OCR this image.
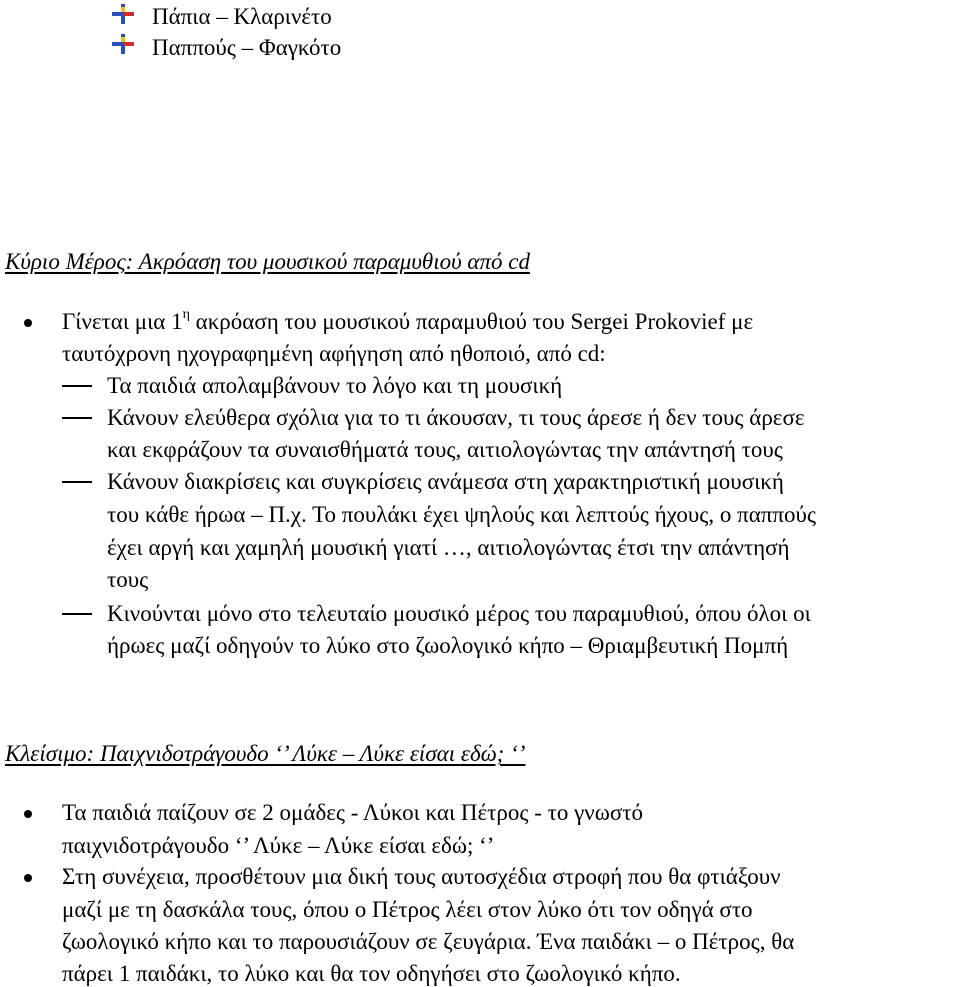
Πάπια – Κλαρινέτο
Παππούς – Φαγκότο
Κύριο Μέρος: Ακρόαση του μουσικού παραμυθιού από cd
Γίνεται μια $1^\eta$ ακρόαση του μουσικού παραμυθιού του Sergei Prokovief με
ταυτόχρονη ηχογραφημένη αφήγηση από ηθοποιό, από cd:
Τα παιδιά απολαμβάνουν το λόγο και τη μουσική
Κάνουν ελεύθερα σχόλια για το τι άκουσαν, τι τους άρεσε ή δεν τους άρεσε
και εκφράζουν τα συναισθήματά τους, αιτιολογώντας την απάντησή τους
Κάνουν διακρίσεις και συγκρίσεις ανάμεσα στη χαρακτηριστική μουσική
του κάθε ήρωα – Π.χ. Το πουλάκι έχει ψηλούς και λεπτούς ήχους, ο παππούς
έχει αργή και χαμηλή μουσική γιατί …, αιτιολογώντας έτσι την απάντησή
τους
Κινούνται μόνο στο τελευταίο μουσικό μέρος του παραμυθιού, όπου όλοι οι
ήρωες μαζί οδηγούν το λύκο στο ζωολογικό κήπο – Θριαμβευτική Πομπή
Κλείσιμο: Παιχνιδοτράγουδο ‘’ Λύκε – Λύκε είσαι εδώ; ‘’
Τα παιδιά παίζουν σε 2 ομάδες - Λύκοι και Πέτρος - το γνωστό
παιχνιδοτράγουδο ‘’ Λύκε – Λύκε είσαι εδώ; ‘’
Στη συνέχεια, προσθέτουν μια δική τους αυτοσχέδια στροφή που θα φτιάξουν
μαζί με τη δασκάλα τους, όπου ο Πέτρος λέει στον λύκο ότι τον οδηγά στο
ζωολογικό κήπο και το παρουσιάζουν σε ζευγάρια. Ένα παιδάκι – ο Πέτρος, θα
πάρει 1 παιδάκι, το λύκο και θα τον οδηγήσει στο ζωολογικό κήπο.
